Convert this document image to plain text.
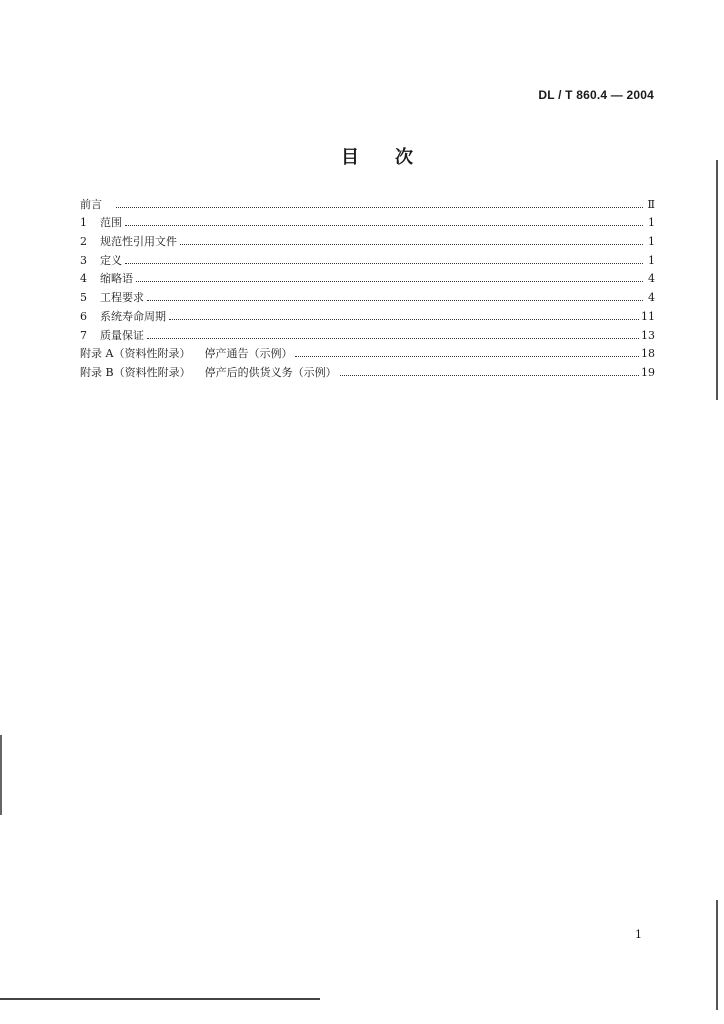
DL / T 860.4 — 2004
目 次
前言	Ⅱ
1	范围	1
2	规范性引用文件	1
3	定义	1
4	缩略语	4
5	工程要求	4
6	系统寿命周期	11
7	质量保证	13
附录 A（资料性附录） 停产通告（示例）	18
附录 B（资料性附录） 停产后的供货义务（示例）	19
1
